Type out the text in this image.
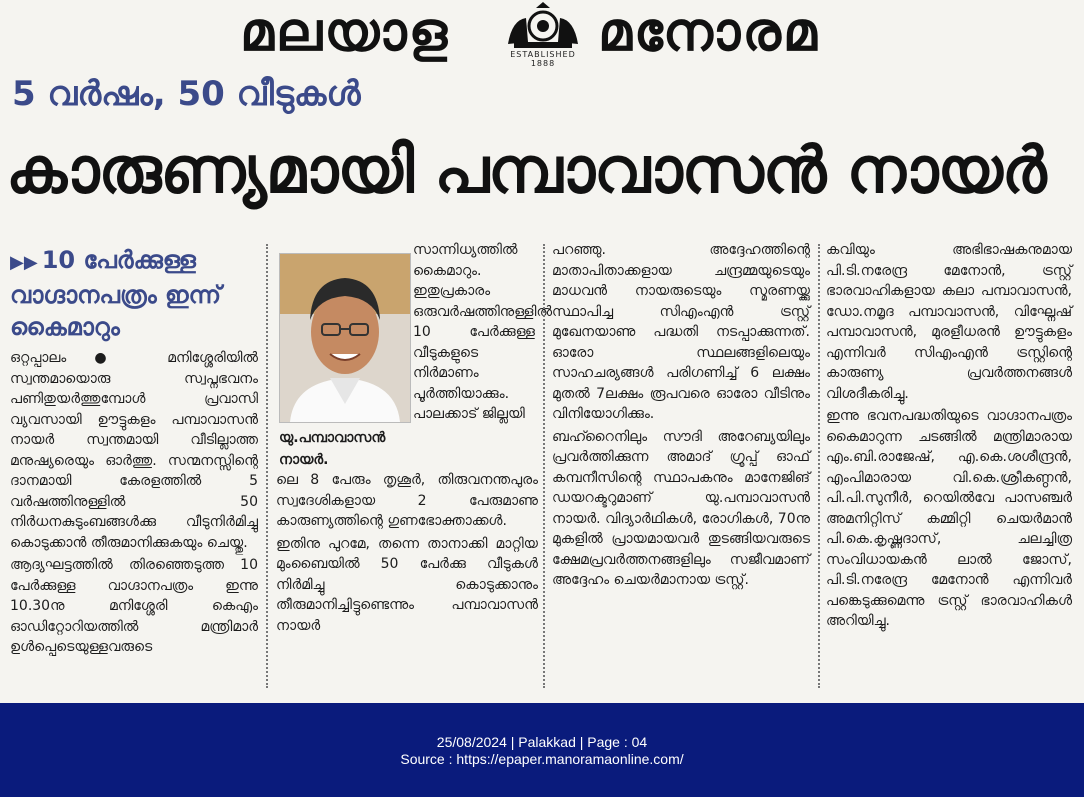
മലയാള	ESTABLISHED 1888
മനോരമ
5 വർഷം, 50 വീടുകൾ
കാരുണ്യമായി പമ്പാവാസൻ നായർ
▶▶ 10 പേർക്കുള്ള വാഗ്ദാനപത്രം ഇന്ന് കൈമാറും

ഒറ്റപ്പാലം● മനിശ്ശേരിയിൽ സ്വന്തമായൊരു സ്വപ്നഭവനം പണിതുയർത്തുമ്പോൾ പ്രവാസി വ്യവസായി ഊട്ടുകളം പമ്പാവാസൻ നായർ സ്വന്തമായി വീടില്ലാത്ത മനുഷ്യരെയും ഓർത്തു. സന്മനസ്സിന്റെ ദാനമായി കേരളത്തിൽ 5 വർഷത്തിനുള്ളിൽ 50 നിർധനകുടുംബങ്ങൾക്കു വീടുനിർമിച്ചു കൊടുക്കാൻ തീരുമാനിക്കുകയും ചെയ്തു.

ആദ്യഘട്ടത്തിൽ തിരഞ്ഞെടുത്ത 10 പേർക്കുള്ള വാഗ്ദാനപത്രം ഇന്നു 10.30നു മനിശ്ശേരി കെഎം ഓഡിറ്റോറിയത്തിൽ മന്ത്രിമാർ ഉൾപ്പെടെയുള്ളവരുടെ

യു.പമ്പാവാസൻ നായർ.

സാന്നിധ്യത്തിൽ കൈമാറും. ഇതുപ്രകാരം ഒരുവർഷത്തിനുള്ളിൽ 10 പേർക്കുള്ള വീടുകളുടെ നിർമാണം പൂർത്തിയാക്കും. പാലക്കാട് ജില്ലയി

ലെ 8 പേരും തൃശൂർ, തിരുവനന്തപുരം സ്വദേശികളായ 2 പേരുമാണു കാരുണ്യത്തിന്റെ ഗുണഭോക്താക്കൾ.

ഇതിനു പുറമേ, തന്നെ താനാക്കി മാറ്റിയ മുംബൈയിൽ 50 പേർക്കു വീടുകൾ നിർമിച്ചു കൊടുക്കാനും തീരുമാനിച്ചിട്ടുണ്ടെന്നും പമ്പാവാസൻ നായർ

പറഞ്ഞു. അദ്ദേഹത്തിന്റെ മാതാപിതാക്കളായ ചന്ദ്രമ്മയുടെയും മാധവൻ നായരുടെയും സ്മരണയ്ക്കു സ്ഥാപിച്ച സിഎംഎൻ ട്രസ്റ്റ് മുഖേനയാണു പദ്ധതി നടപ്പാക്കുന്നത്. ഓരോ സ്ഥലങ്ങളിലെയും സാഹചര്യങ്ങൾ പരിഗണിച്ച് 6 ലക്ഷം മുതൽ 7ലക്ഷം രൂപവരെ ഓരോ വീടിനും വിനിയോഗിക്കും.

ബഹ്റൈനിലും സൗദി അറേബ്യയിലും പ്രവർത്തിക്കുന്ന അമാദ് ഗ്രൂപ്പ് ഓഫ് കമ്പനീസിന്റെ സ്ഥാപകനും മാനേജിങ് ഡയറക്ടറുമാണ് യു.പമ്പാവാസൻ നായർ. വിദ്യാർഥികൾ, രോഗികൾ, 70നു മുകളിൽ പ്രായമായവർ തുടങ്ങിയവരുടെ ക്ഷേമപ്രവർത്തനങ്ങളിലും സജീവമാണ് അദ്ദേഹം ചെയർമാനായ ട്രസ്റ്റ്.

കവിയും അഭിഭാഷകനുമായ പി.ടി.നരേന്ദ്ര മേനോൻ, ട്രസ്റ്റ് ഭാരവാഹികളായ കലാ പമ്പാവാസൻ, ഡോ.നമൃദ പമ്പാവാസൻ, വിഘ്നേഷ് പമ്പാവാസൻ, മുരളീധരൻ ഊട്ടുകളം എന്നിവർ സിഎംഎൻ ട്രസ്റ്റിന്റെ കാരുണ്യ പ്രവർത്തനങ്ങൾ വിശദീകരിച്ചു.

ഇന്നു ഭവനപദ്ധതിയുടെ വാഗ്ദാനപത്രം കൈമാറുന്ന ചടങ്ങിൽ മന്ത്രിമാരായ എം.ബി.രാജേഷ്, എ.കെ.ശശീന്ദ്രൻ, എംപിമാരായ വി.കെ.ശ്രീകണ്ഠൻ, പി.പി.സുനീർ, റെയിൽവേ പാസഞ്ചർ അമനിറ്റിസ് കമ്മിറ്റി ചെയർമാൻ പി.കെ.കൃഷ്ണദാസ്, ചലച്ചിത്ര സംവിധായകൻ ലാൽ ജോസ്, പി.ടി.നരേന്ദ്ര മേനോൻ എന്നിവർ പങ്കെടുക്കുമെന്നു ട്രസ്റ്റ് ഭാരവാഹികൾ അറിയിച്ചു.

25/08/2024 | Palakkad | Page : 04
Source : https://epaper.manoramaonline.com/
